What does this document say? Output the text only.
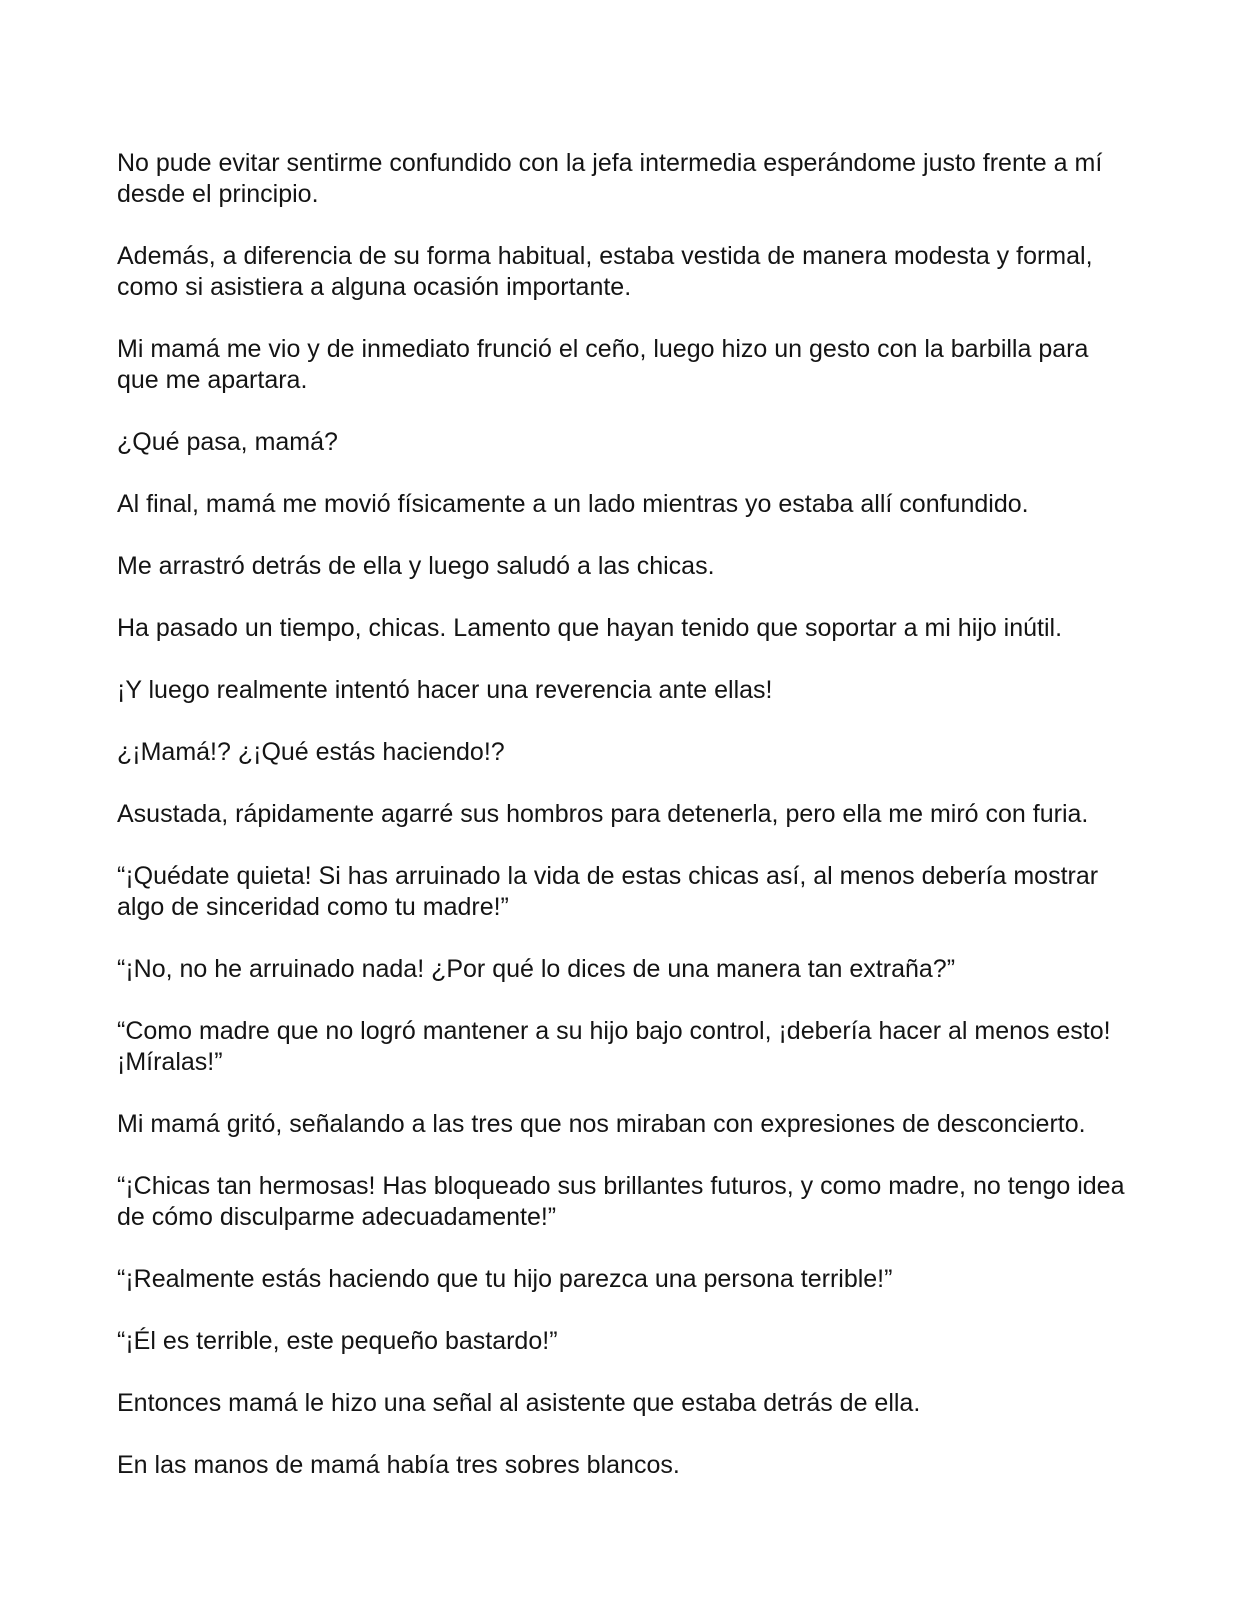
No pude evitar sentirme confundido con la jefa intermedia esperándome justo frente a mí desde el principio.

Además, a diferencia de su forma habitual, estaba vestida de manera modesta y formal, como si asistiera a alguna ocasión importante.

Mi mamá me vio y de inmediato frunció el ceño, luego hizo un gesto con la barbilla para que me apartara.

¿Qué pasa, mamá?

Al final, mamá me movió físicamente a un lado mientras yo estaba allí confundido.

Me arrastró detrás de ella y luego saludó a las chicas.

Ha pasado un tiempo, chicas. Lamento que hayan tenido que soportar a mi hijo inútil.

¡Y luego realmente intentó hacer una reverencia ante ellas!

¿¡Mamá!? ¿¡Qué estás haciendo!?

Asustada, rápidamente agarré sus hombros para detenerla, pero ella me miró con furia.

“¡Quédate quieta! Si has arruinado la vida de estas chicas así, al menos debería mostrar algo de sinceridad como tu madre!”

“¡No, no he arruinado nada! ¿Por qué lo dices de una manera tan extraña?”

“Como madre que no logró mantener a su hijo bajo control, ¡debería hacer al menos esto! ¡Míralas!”

Mi mamá gritó, señalando a las tres que nos miraban con expresiones de desconcierto.

“¡Chicas tan hermosas! Has bloqueado sus brillantes futuros, y como madre, no tengo idea de cómo disculparme adecuadamente!”

“¡Realmente estás haciendo que tu hijo parezca una persona terrible!”

“¡Él es terrible, este pequeño bastardo!”

Entonces mamá le hizo una señal al asistente que estaba detrás de ella.

En las manos de mamá había tres sobres blancos.
